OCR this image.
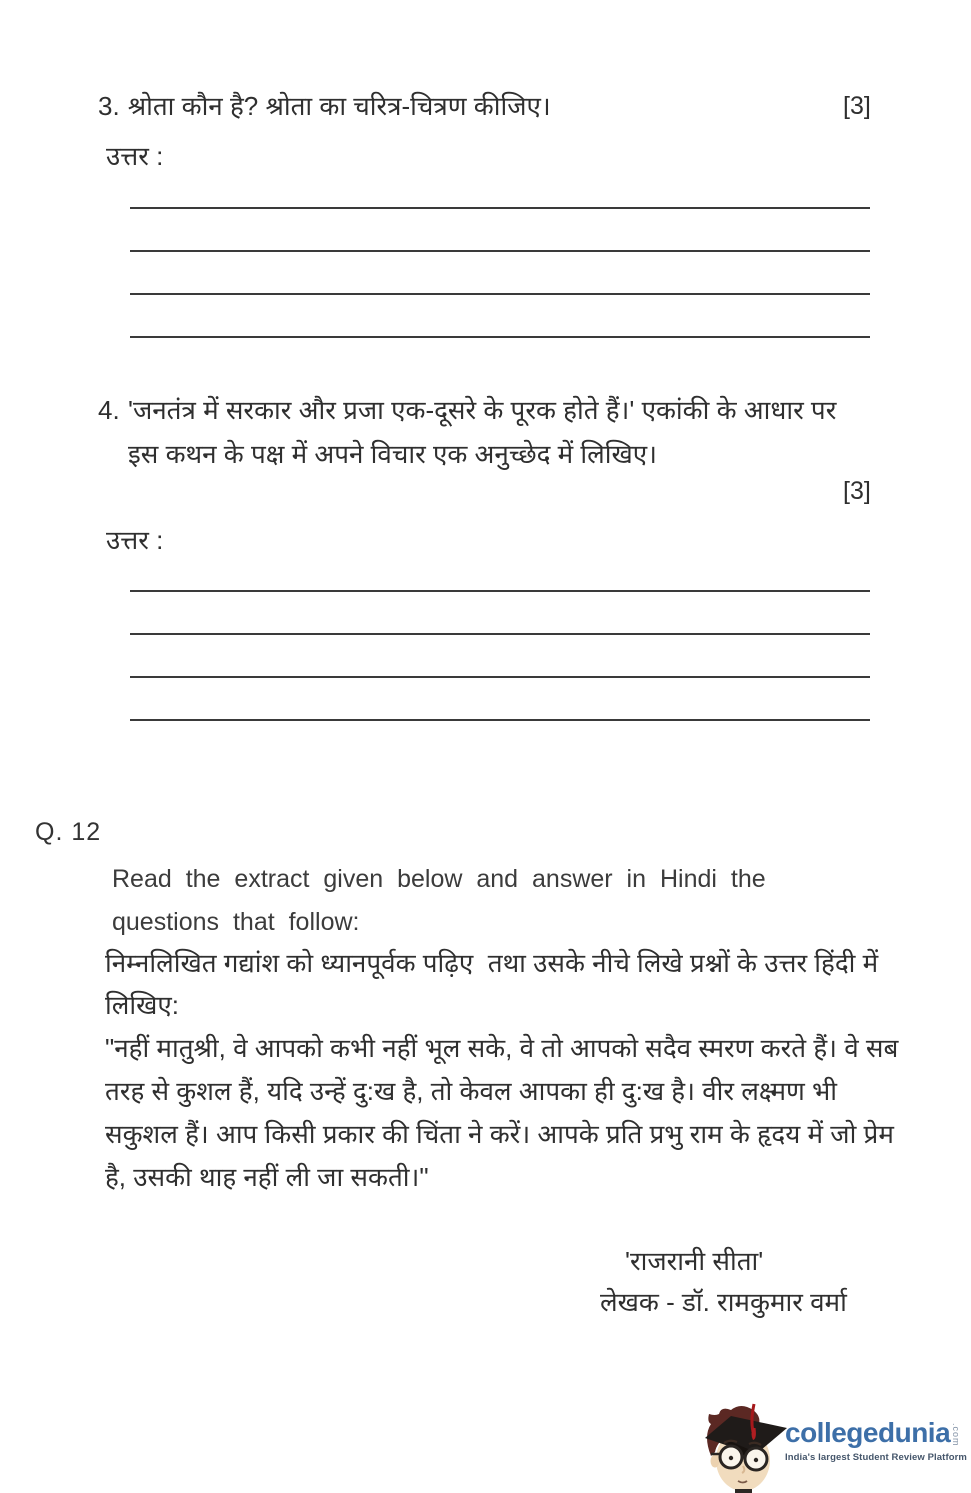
3. श्रोता कौन है? श्रोता का चरित्र-चित्रण कीजिए।	[3]
उत्तर :
4. 'जनतंत्र में सरकार और प्रजा एक-दूसरे के पूरक होते हैं।' एकांकी के आधार पर इस कथन के पक्ष में अपने विचार एक अनुच्छेद में लिखिए।
[3]
उत्तर :
Q. 12
Read the extract given below and answer in Hindi the questions that follow:
निम्नलिखित गद्यांश को ध्यानपूर्वक पढ़िए  तथा उसके नीचे लिखे प्रश्नों के उत्तर हिंदी में लिखिए:
"नहीं मातुश्री, वे आपको कभी नहीं भूल सके, वे तो आपको सदैव स्मरण करते हैं। वे सब तरह से कुशल हैं, यदि उन्हें दु:ख है, तो केवल आपका ही दु:ख है। वीर लक्ष्मण भी सकुशल हैं। आप किसी प्रकार की चिंता ने करें। आपके प्रति प्रभु राम के हृदय में जो प्रेम है, उसकी थाह नहीं ली जा सकती।"
'राजरानी सीता'
लेखक - डॉ. रामकुमार वर्मा
collegedunia .com
India's largest Student Review Platform
